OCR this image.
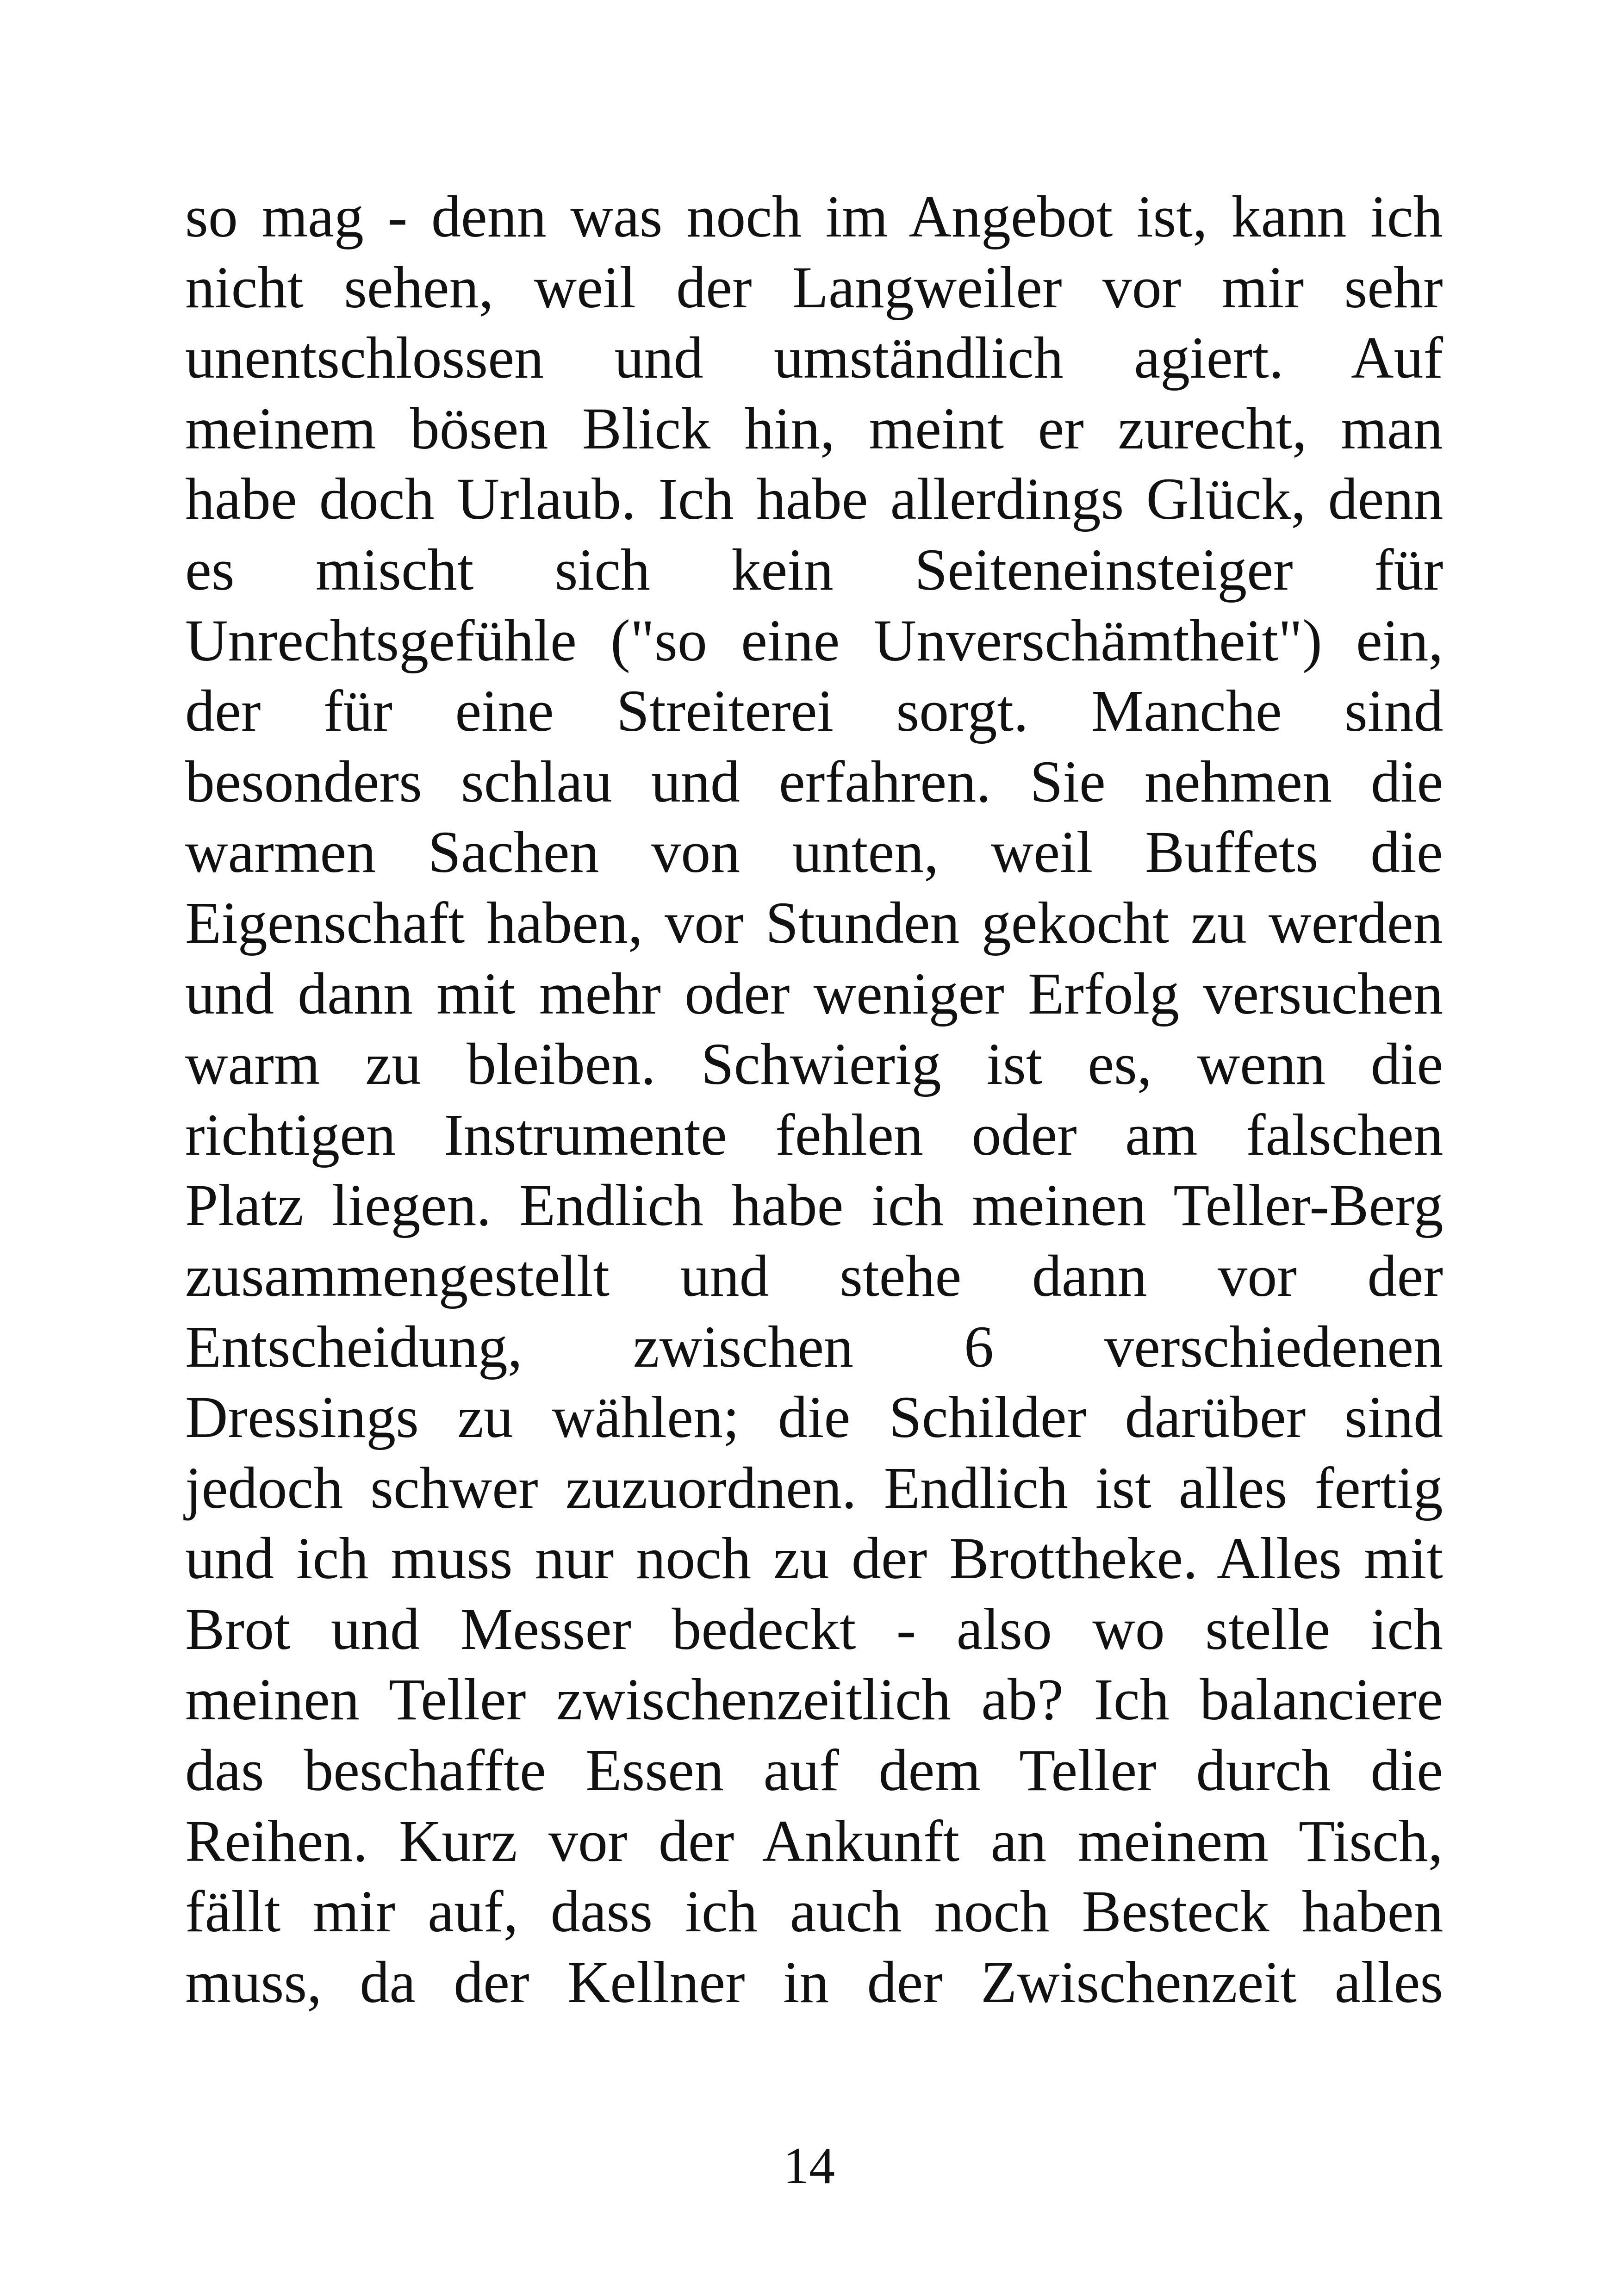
so mag - denn was noch im Angebot ist, kann ich
nicht sehen, weil der Langweiler vor mir sehr
unentschlossen und umständlich agiert. Auf
meinem bösen Blick hin, meint er zurecht, man
habe doch Urlaub. Ich habe allerdings Glück, denn
es mischt sich kein Seiteneinsteiger für
Unrechtsgefühle ("so eine Unverschämtheit") ein,
der für eine Streiterei sorgt. Manche sind
besonders schlau und erfahren. Sie nehmen die
warmen Sachen von unten, weil Buffets die
Eigenschaft haben, vor Stunden gekocht zu werden
und dann mit mehr oder weniger Erfolg versuchen
warm zu bleiben. Schwierig ist es, wenn die
richtigen Instrumente fehlen oder am falschen
Platz liegen. Endlich habe ich meinen Teller-Berg
zusammengestellt und stehe dann vor der
Entscheidung, zwischen 6 verschiedenen
Dressings zu wählen; die Schilder darüber sind
jedoch schwer zuzuordnen. Endlich ist alles fertig
und ich muss nur noch zu der Brottheke. Alles mit
Brot und Messer bedeckt - also wo stelle ich
meinen Teller zwischenzeitlich ab? Ich balanciere
das beschaffte Essen auf dem Teller durch die
Reihen. Kurz vor der Ankunft an meinem Tisch,
fällt mir auf, dass ich auch noch Besteck haben
muss, da der Kellner in der Zwischenzeit alles
14
